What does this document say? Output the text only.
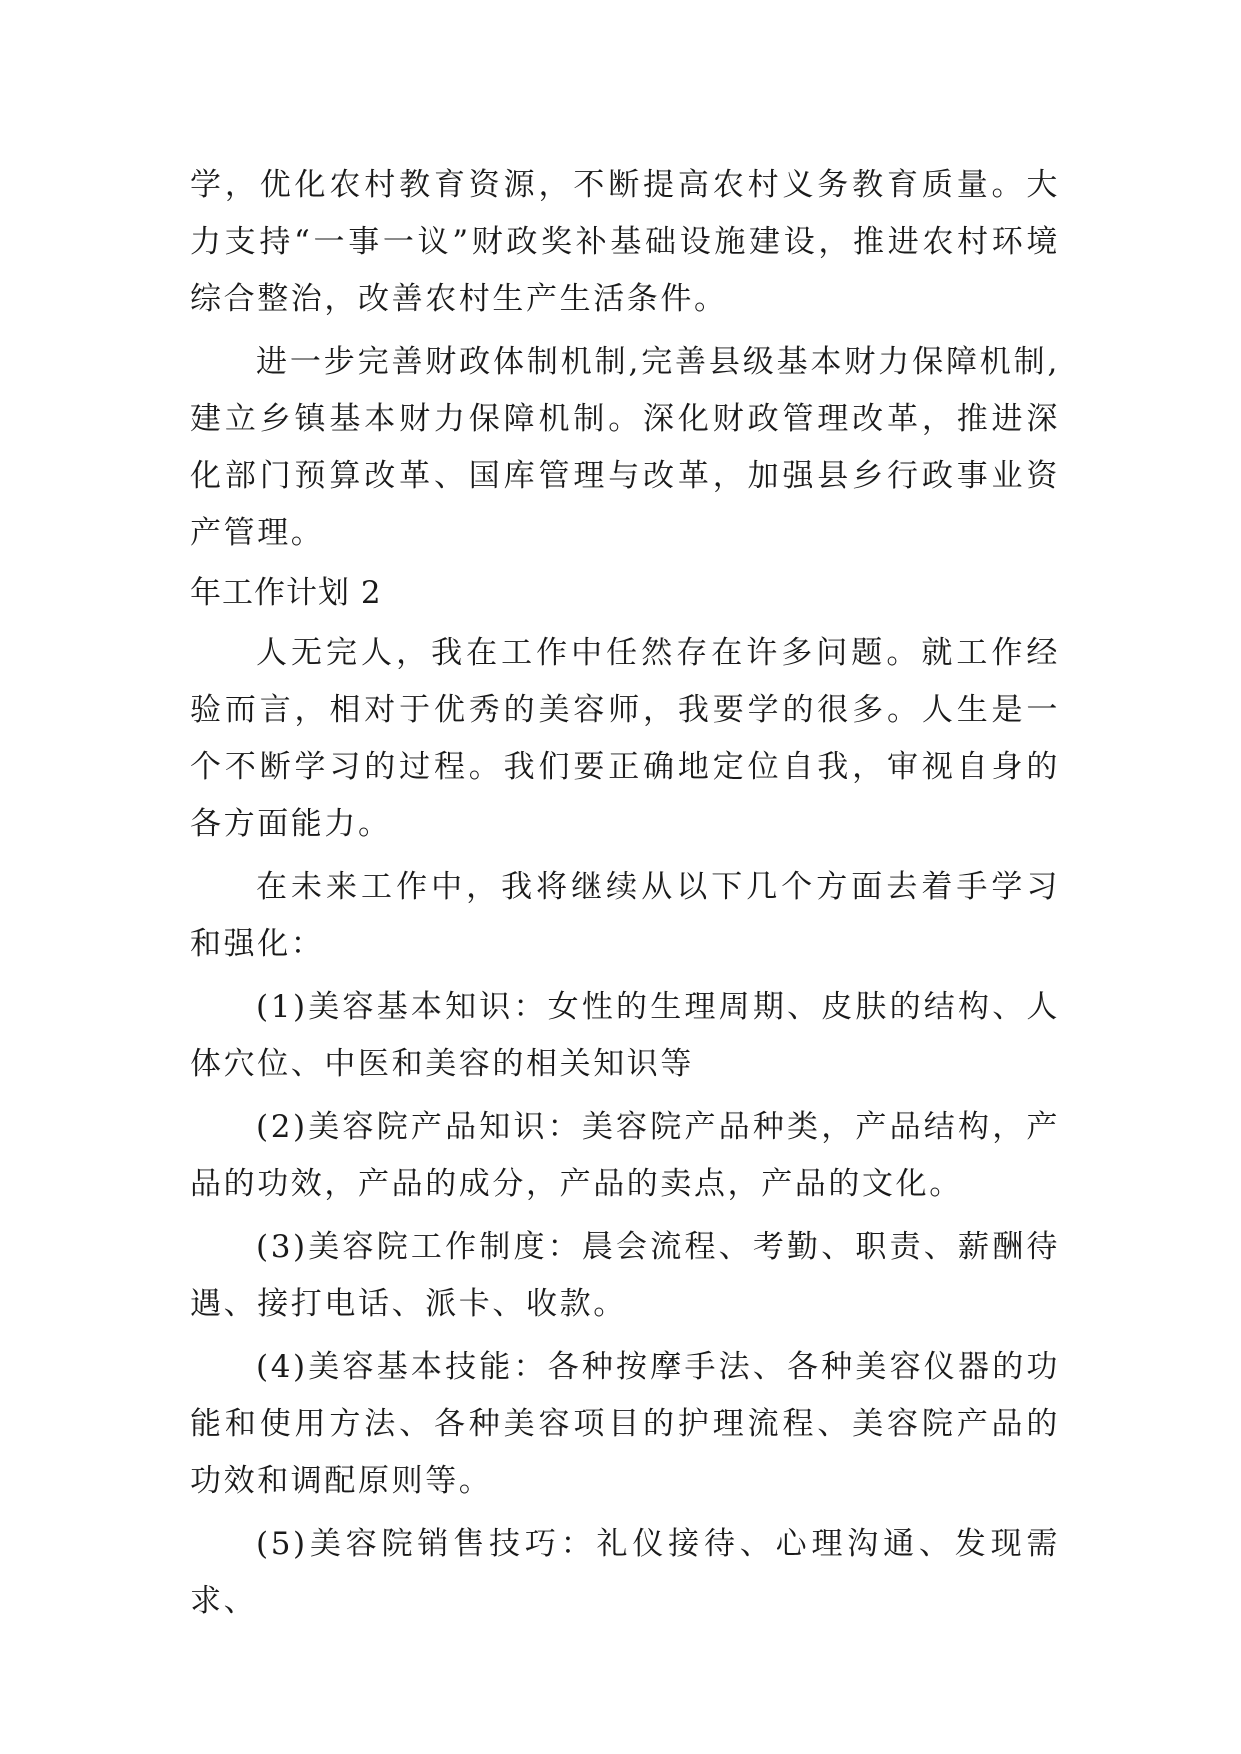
学，优化农村教育资源，不断提高农村义务教育质量。大力支持“一事一议”财政奖补基础设施建设，推进农村环境综合整治，改善农村生产生活条件。

进一步完善财政体制机制,完善县级基本财力保障机制,建立乡镇基本财力保障机制。深化财政管理改革，推进深化部门预算改革、国库管理与改革，加强县乡行政事业资产管理。

年工作计划 2

人无完人，我在工作中任然存在许多问题。就工作经验而言，相对于优秀的美容师，我要学的很多。人生是一个不断学习的过程。我们要正确地定位自我，审视自身的各方面能力。

在未来工作中，我将继续从以下几个方面去着手学习和强化：

(1)美容基本知识：女性的生理周期、皮肤的结构、人体穴位、中医和美容的相关知识等

(2)美容院产品知识：美容院产品种类，产品结构，产品的功效，产品的成分，产品的卖点，产品的文化。

(3)美容院工作制度：晨会流程、考勤、职责、薪酬待遇、接打电话、派卡、收款。

(4)美容基本技能：各种按摩手法、各种美容仪器的功能和使用方法、各种美容项目的护理流程、美容院产品的功效和调配原则等。

(5)美容院销售技巧：礼仪接待、心理沟通、发现需求、
